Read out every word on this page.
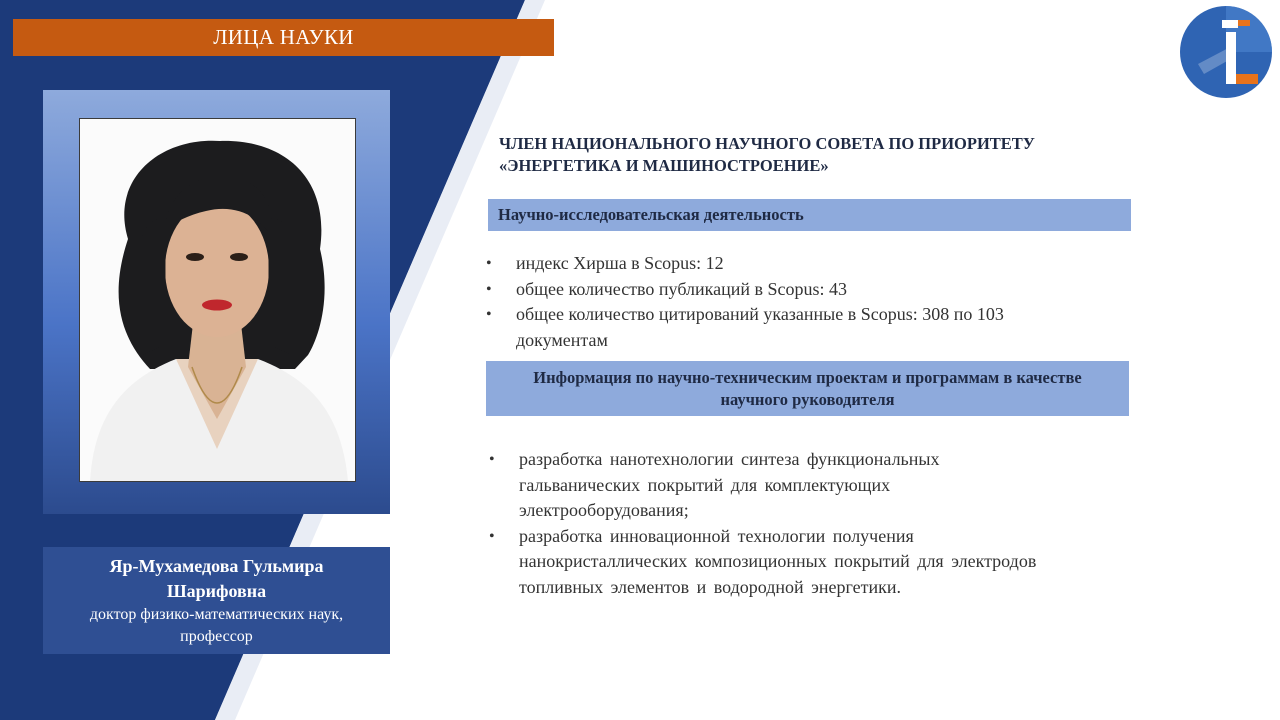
ЛИЦА НАУКИ
Яр-Мухамедова Гульмира Шарифовна
доктор физико-математических наук, профессор
ЧЛЕН НАЦИОНАЛЬНОГО НАУЧНОГО СОВЕТА ПО ПРИОРИТЕТУ
«ЭНЕРГЕТИКА И МАШИНОСТРОЕНИЕ»
Научно-исследовательская деятельность
• индекс Хирша в Scopus: 12
• общее количество публикаций в Scopus: 43
• общее количество цитирований указанные в Scopus: 308 по 103 документам
Информация по научно-техническим проектам и программам в качестве
научного руководителя
• разработка нанотехнологии синтеза функциональных гальванических покрытий для комплектующих электрооборудования;
• разработка инновационной технологии получения нанокристаллических композиционных покрытий для электродов топливных элементов и водородной энергетики.
